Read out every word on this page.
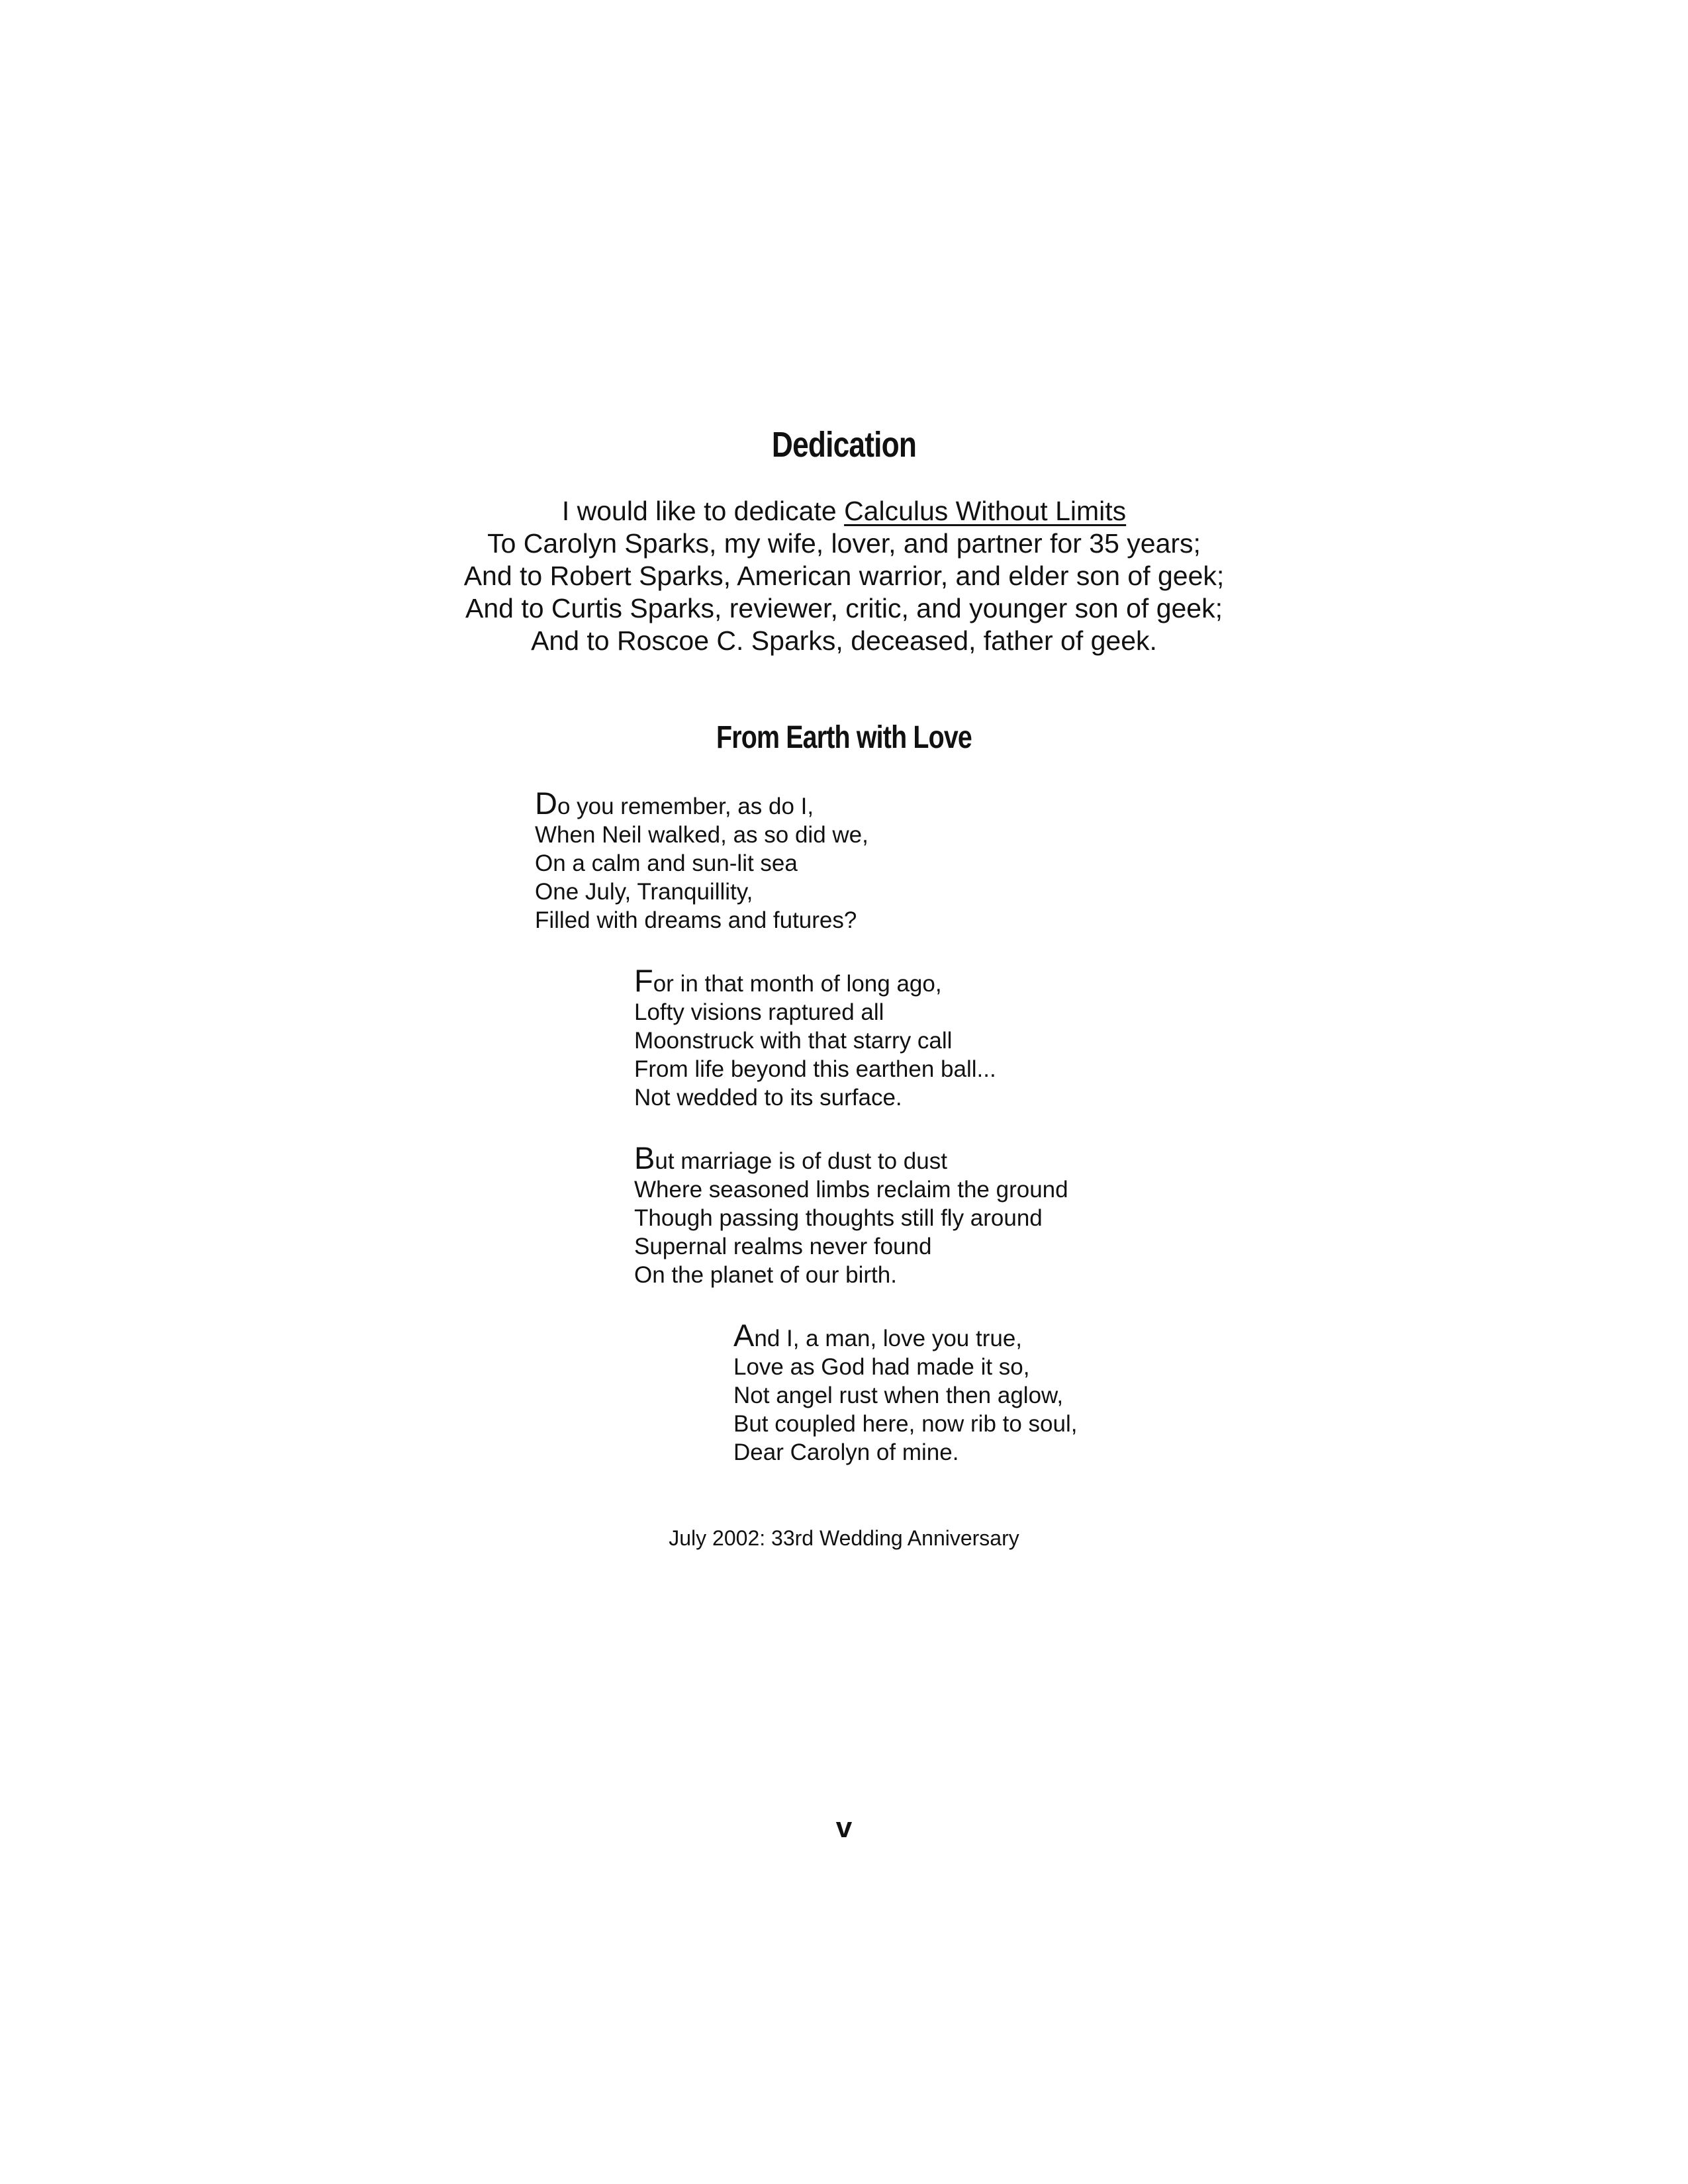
Dedication
I would like to dedicate Calculus Without Limits
To Carolyn Sparks, my wife, lover, and partner for 35 years;
And to Robert Sparks, American warrior, and elder son of geek;
And to Curtis Sparks, reviewer, critic, and younger son of geek;
And to Roscoe C. Sparks, deceased, father of geek.
From Earth with Love
Do you remember, as do I,
When Neil walked, as so did we,
On a calm and sun-lit sea
One July, Tranquillity,
Filled with dreams and futures?
For in that month of long ago,
Lofty visions raptured all
Moonstruck with that starry call
From life beyond this earthen ball...
Not wedded to its surface.
But marriage is of dust to dust
Where seasoned limbs reclaim the ground
Though passing thoughts still fly around
Supernal realms never found
On the planet of our birth.
And I, a man, love you true,
Love as God had made it so,
Not angel rust when then aglow,
But coupled here, now rib to soul,
Dear Carolyn of mine.
July 2002: 33rd Wedding Anniversary
v
